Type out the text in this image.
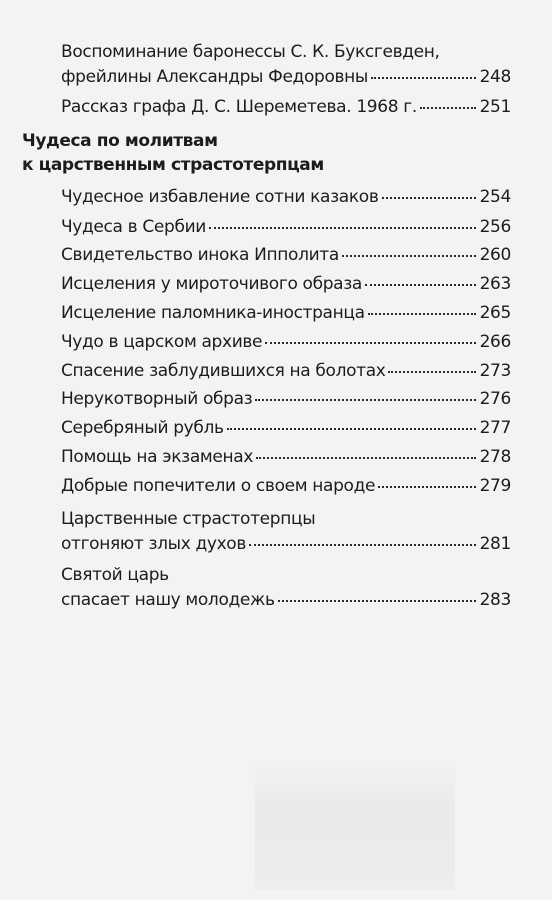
Воспоминание баронессы С. К. Буксгевден,
фрейлины Александры Федоровны	248
Рассказ графа Д. С. Шереметева. 1968 г.	251
Чудеса по молитвам
к царственным страстотерпцам
Чудесное избавление сотни казаков	254
Чудеса в Сербии	256
Свидетельство инока Ипполита	260
Исцеления у мироточивого образа	263
Исцеление паломника-иностранца	265
Чудо в царском архиве	266
Спасение заблудившихся на болотах	273
Нерукотворный образ	276
Серебряный рубль	277
Помощь на экзаменах	278
Добрые попечители о своем народе	279
Царственные страстотерпцы
отгоняют злых духов	281
Святой царь
спасает нашу молодежь	283
